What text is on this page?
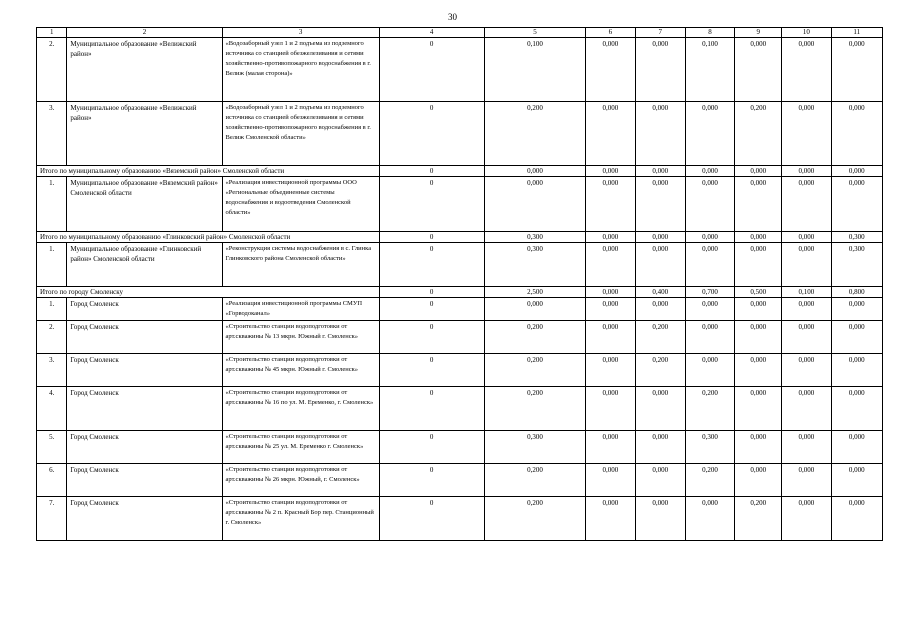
30
1	2	3	4	5	6	7	8	9	10	11
2.	Муниципальное образование «Велижский район»	«Водозаборный узел 1 и 2 подъема из подземного источника со станцией обезжелезивания и сетями хозяйственно-противопожарного водоснабжения в г. Велиж (малая сторона)»	0	0,100	0,000	0,000	0,100	0,000	0,000	0,000
3.	Муниципальное образование «Велижский район»	«Водозаборный узел 1 и 2 подъема из подземного источника со станцией обезжелезивания и сетями хозяйственно-противопожарного водоснабжения в г. Велиж Смоленской области»	0	0,200	0,000	0,000	0,000	0,200	0,000	0,000
Итого по муниципальному образованию «Вяземский район» Смоленской области			0	0,000	0,000	0,000	0,000	0,000	0,000	0,000
1.	Муниципальное образование «Вяземский район» Смоленской области	«Реализация инвестиционной программы ООО «Региональные объединенные системы водоснабжения и водоотведения Смоленской области»	0	0,000	0,000	0,000	0,000	0,000	0,000	0,000
Итого по муниципальному образованию «Глинковский район» Смоленской области			0	0,300	0,000	0,000	0,000	0,000	0,000	0,300
1.	Муниципальное образование «Глинковский район» Смоленской области	«Реконструкция системы водоснабжения в с. Глинка Глинковского района Смоленской области»	0	0,300	0,000	0,000	0,000	0,000	0,000	0,300
Итого по городу Смоленску			0	2,500	0,000	0,400	0,700	0,500	0,100	0,800
1.	Город Смоленск	«Реализация инвестиционной программы СМУП «Горводоканал»	0	0,000	0,000	0,000	0,000	0,000	0,000	0,000
2.	Город Смоленск	«Строительство станции водоподготовки от арт.скважины № 13 мкрн. Южный г. Смоленск»	0	0,200	0,000	0,200	0,000	0,000	0,000	0,000
3.	Город Смоленск	«Строительство станции водоподготовки от арт.скважины № 45 мкрн. Южный г. Смоленск»	0	0,200	0,000	0,200	0,000	0,000	0,000	0,000
4.	Город Смоленск	«Строительство станции водоподготовки от арт.скважины № 16 по ул. М. Еременко, г. Смоленск»	0	0,200	0,000	0,000	0,200	0,000	0,000	0,000
5.	Город Смоленск	«Строительство станции водоподготовки от арт.скважины № 25 ул. М. Еременко г. Смоленск»	0	0,300	0,000	0,000	0,300	0,000	0,000	0,000
6.	Город Смоленск	«Строительство станции водоподготовки от арт.скважины № 26 мкрн. Южный, г. Смоленск»	0	0,200	0,000	0,000	0,200	0,000	0,000	0,000
7.	Город Смоленск	«Строительство станции водоподготовки от арт.скважины № 2 п. Красный Бор пер. Станционный г. Смоленск»	0	0,200	0,000	0,000	0,000	0,200	0,000	0,000
